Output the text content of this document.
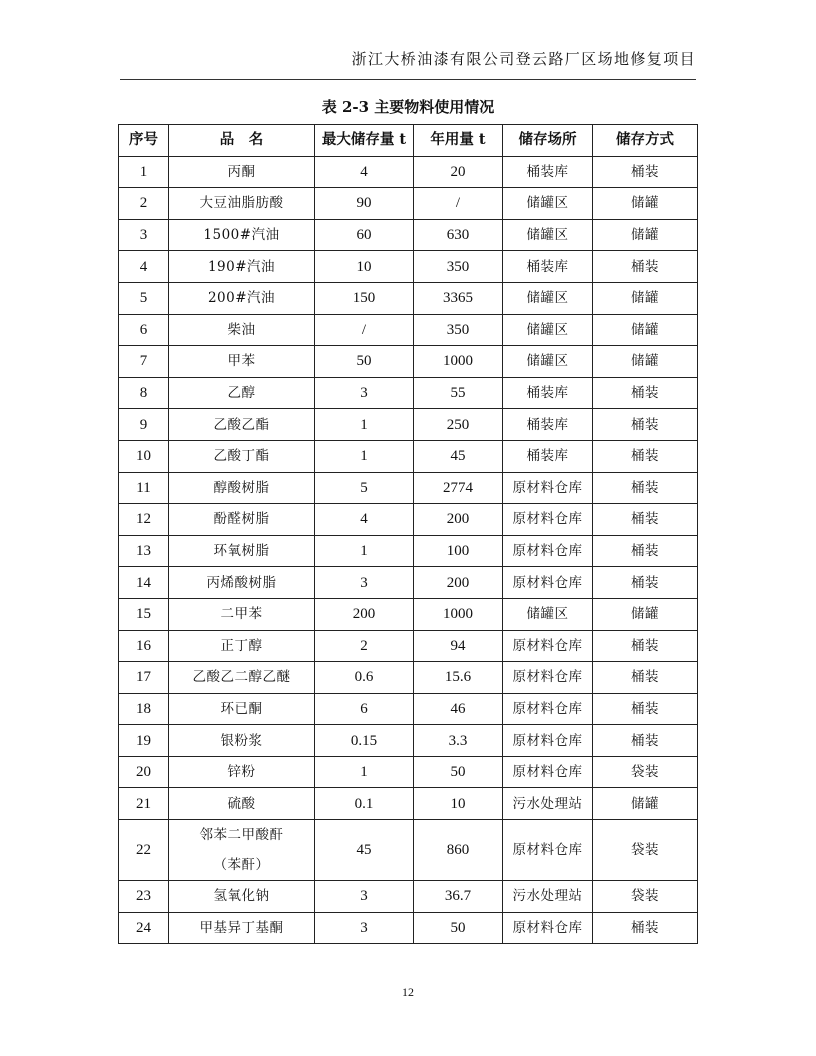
浙江大桥油漆有限公司登云路厂区场地修复项目
表 2-3 主要物料使用情况
序号	品　名	最大储存量 t	年用量 t	储存场所	储存方式
1	丙酮	4	20	桶装库	桶装
2	大豆油脂肪酸	90	/	储罐区	储罐
3	1500#汽油	60	630	储罐区	储罐
4	190#汽油	10	350	桶装库	桶装
5	200#汽油	150	3365	储罐区	储罐
6	柴油	/	350	储罐区	储罐
7	甲苯	50	1000	储罐区	储罐
8	乙醇	3	55	桶装库	桶装
9	乙酸乙酯	1	250	桶装库	桶装
10	乙酸丁酯	1	45	桶装库	桶装
11	醇酸树脂	5	2774	原材料仓库	桶装
12	酚醛树脂	4	200	原材料仓库	桶装
13	环氧树脂	1	100	原材料仓库	桶装
14	丙烯酸树脂	3	200	原材料仓库	桶装
15	二甲苯	200	1000	储罐区	储罐
16	正丁醇	2	94	原材料仓库	桶装
17	乙酸乙二醇乙醚	0.6	15.6	原材料仓库	桶装
18	环已酮	6	46	原材料仓库	桶装
19	银粉浆	0.15	3.3	原材料仓库	桶装
20	锌粉	1	50	原材料仓库	袋装
21	硫酸	0.1	10	污水处理站	储罐
22	邻苯二甲酸酐
（苯酐）	45	860	原材料仓库	袋装
23	氢氧化钠	3	36.7	污水处理站	袋装
24	甲基异丁基酮	3	50	原材料仓库	桶装
12
